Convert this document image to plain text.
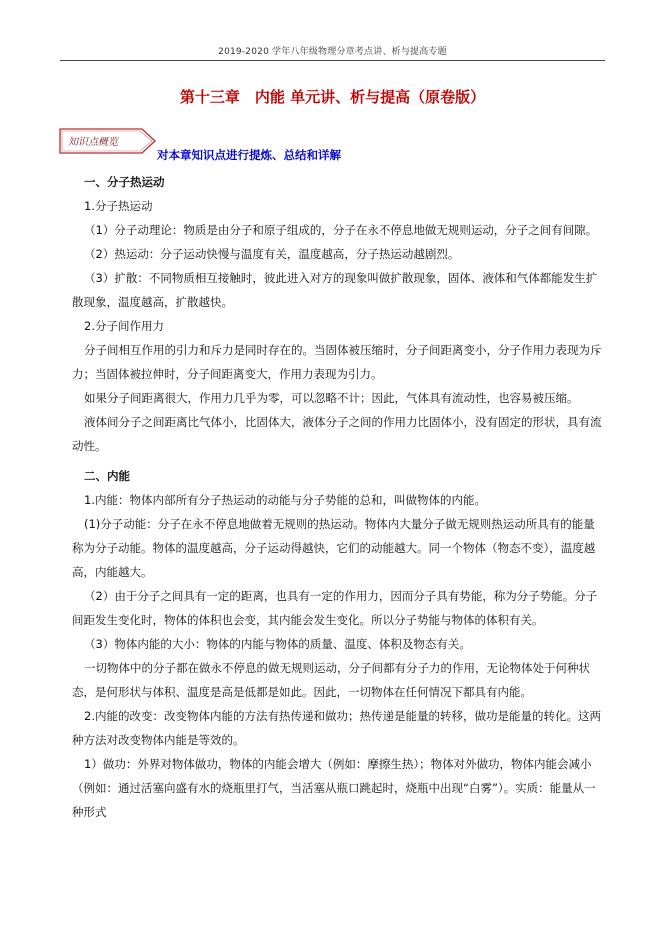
2019-2020 学年八年级物理分章考点讲、析与提高专题
第十三章　内能 单元讲、析与提高（原卷版）
知识点概览
对本章知识点进行提炼、总结和详解

一、分子热运动

1.分子热运动

（1）分子动理论：物质是由分子和原子组成的，分子在永不停息地做无规则运动，分子之间有间隙。

（2）热运动：分子运动快慢与温度有关，温度越高，分子热运动越剧烈。

（3）扩散：不同物质相互接触时，彼此进入对方的现象叫做扩散现象，固体、液体和气体都能发生扩散现象，温度越高，扩散越快。

2.分子间作用力

分子间相互作用的引力和斥力是同时存在的。当固体被压缩时，分子间距离变小，分子作用力表现为斥力；当固体被拉伸时，分子间距离变大，作用力表现为引力。

如果分子间距离很大，作用力几乎为零，可以忽略不计；因此，气体具有流动性，也容易被压缩。

液体间分子之间距离比气体小，比固体大，液体分子之间的作用力比固体小，没有固定的形状，具有流动性。

二、内能

1.内能：物体内部所有分子热运动的动能与分子势能的总和，叫做物体的内能。

(1)分子动能：分子在永不停息地做着无规则的热运动。物体内大量分子做无规则热运动所具有的能量称为分子动能。物体的温度越高，分子运动得越快，它们的动能越大。同一个物体（物态不变），温度越高，内能越大。

（2）由于分子之间具有一定的距离，也具有一定的作用力，因而分子具有势能，称为分子势能。分子间距发生变化时，物体的体积也会变，其内能会发生变化。所以分子势能与物体的体积有关。

（3）物体内能的大小：物体的内能与物体的质量、温度、体积及物态有关。

一切物体中的分子都在做永不停息的做无规则运动，分子间都有分子力的作用，无论物体处于何种状态，是何形状与体积、温度是高是低都是如此。因此，一切物体在任何情况下都具有内能。

2.内能的改变：改变物体内能的方法有热传递和做功；热传递是能量的转移，做功是能量的转化。这两种方法对改变物体内能是等效的。

1）做功：外界对物体做功，物体的内能会增大（例如：摩擦生热）；物体对外做功，物体内能会减小（例如：通过活塞向盛有水的烧瓶里打气，当活塞从瓶口跳起时，烧瓶中出现“白雾”）。实质：能量从一种形式
